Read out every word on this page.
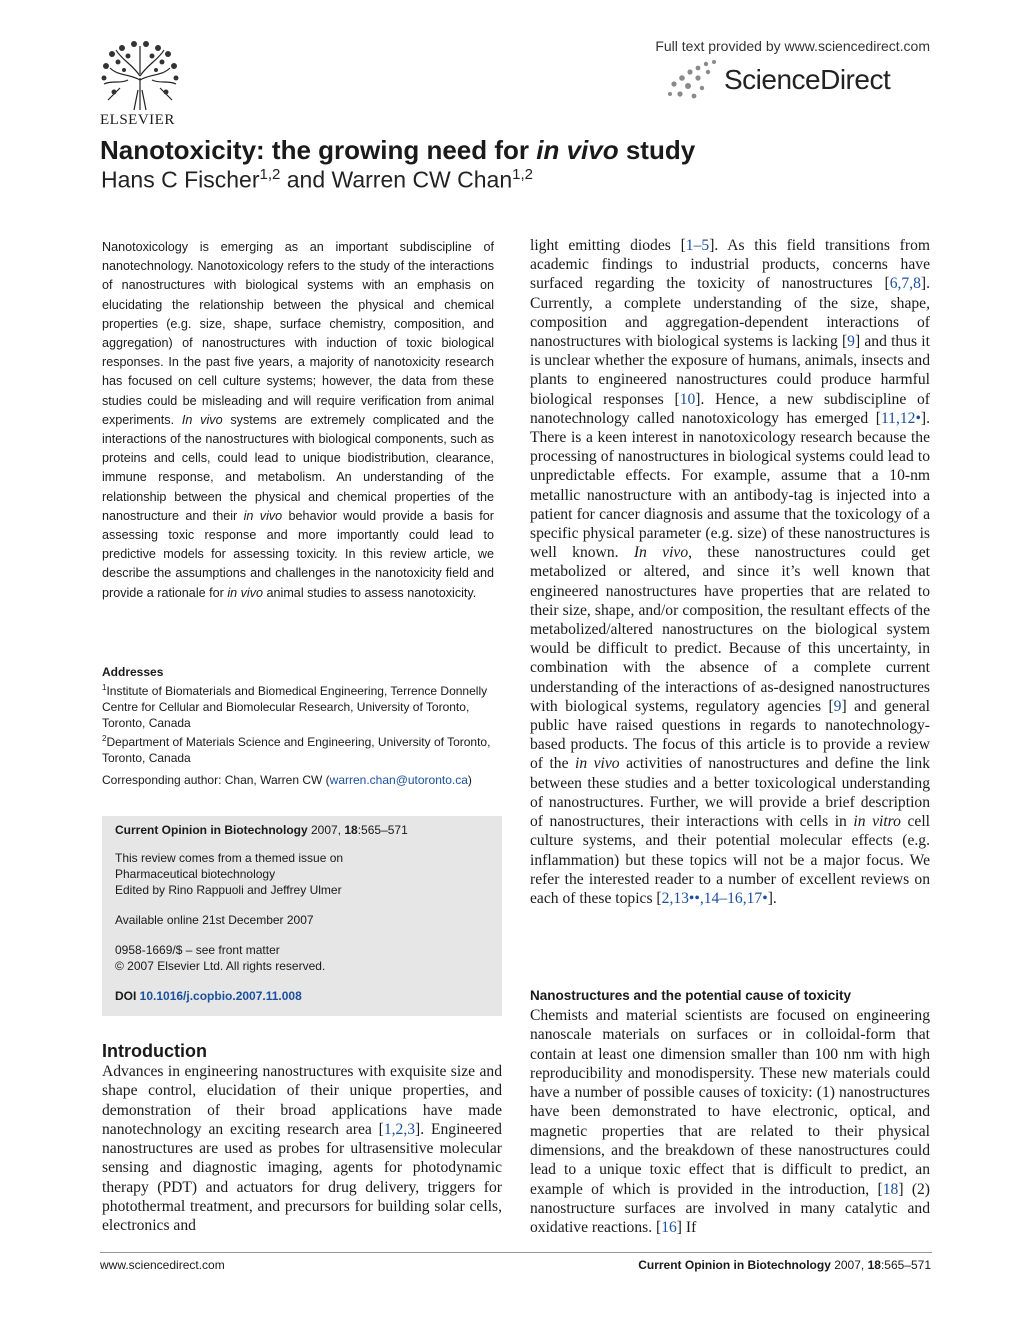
ELSEVIER
Full text provided by www.sciencedirect.com
ScienceDirect
Nanotoxicity: the growing need for in vivo study
Hans C Fischer$^{1,2}$ and Warren CW Chan$^{1,2}$
Nanotoxicology is emerging as an important subdiscipline of nanotechnology. Nanotoxicology refers to the study of the interactions of nanostructures with biological systems with an emphasis on elucidating the relationship between the physical and chemical properties (e.g. size, shape, surface chemistry, composition, and aggregation) of nanostructures with induction of toxic biological responses. In the past five years, a majority of nanotoxicity research has focused on cell culture systems; however, the data from these studies could be misleading and will require verification from animal experiments. In vivo systems are extremely complicated and the interactions of the nanostructures with biological components, such as proteins and cells, could lead to unique biodistribution, clearance, immune response, and metabolism. An understanding of the relationship between the physical and chemical properties of the nanostructure and their in vivo behavior would provide a basis for assessing toxic response and more importantly could lead to predictive models for assessing toxicity. In this review article, we describe the assumptions and challenges in the nanotoxicity field and provide a rationale for in vivo animal studies to assess nanotoxicity.
Addresses
$^1$Institute of Biomaterials and Biomedical Engineering, Terrence Donnelly Centre for Cellular and Biomolecular Research, University of Toronto, Toronto, Canada
$^2$Department of Materials Science and Engineering, University of Toronto, Toronto, Canada
Corresponding author: Chan, Warren CW (warren.chan@utoronto.ca)

Current Opinion in Biotechnology 2007, 18:565–571

This review comes from a themed issue on

Pharmaceutical biotechnology

Edited by Rino Rappuoli and Jeffrey Ulmer

Available online 21st December 2007

0958-1669/$ – see front matter

© 2007 Elsevier Ltd. All rights reserved.

DOI 10.1016/j.copbio.2007.11.008

Introduction
Advances in engineering nanostructures with exquisite size and shape control, elucidation of their unique properties, and demonstration of their broad applications have made nanotechnology an exciting research area [1,2,3]. Engineered nanostructures are used as probes for ultrasensitive molecular sensing and diagnostic imaging, agents for photodynamic therapy (PDT) and actuators for drug delivery, triggers for photothermal treatment, and precursors for building solar cells, electronics and
light emitting diodes [1–5]. As this field transitions from academic findings to industrial products, concerns have surfaced regarding the toxicity of nanostructures [6,7,8]. Currently, a complete understanding of the size, shape, composition and aggregation-dependent interactions of nanostructures with biological systems is lacking [9] and thus it is unclear whether the exposure of humans, animals, insects and plants to engineered nanostructures could produce harmful biological responses [10]. Hence, a new subdiscipline of nanotechnology called nanotoxicology has emerged [11,12•]. There is a keen interest in nanotoxicology research because the processing of nanostructures in biological systems could lead to unpredictable effects. For example, assume that a 10-nm metallic nanostructure with an antibody-tag is injected into a patient for cancer diagnosis and assume that the toxicology of a specific physical parameter (e.g. size) of these nanostructures is well known. In vivo, these nanostructures could get metabolized or altered, and since it’s well known that engineered nanostructures have properties that are related to their size, shape, and/or composition, the resultant effects of the metabolized/altered nanostructures on the biological system would be difficult to predict. Because of this uncertainty, in combination with the absence of a complete current understanding of the interactions of as-designed nanostructures with biological systems, regulatory agencies [9] and general public have raised questions in regards to nanotechnology-based products. The focus of this article is to provide a review of the in vivo activities of nanostructures and define the link between these studies and a better toxicological understanding of nanostructures. Further, we will provide a brief description of nanostructures, their interactions with cells in in vitro cell culture systems, and their potential molecular effects (e.g. inflammation) but these topics will not be a major focus. We refer the interested reader to a number of excellent reviews on each of these topics [2,13••,14–16,17•].
Nanostructures and the potential cause of toxicity
Chemists and material scientists are focused on engineering nanoscale materials on surfaces or in colloidal-form that contain at least one dimension smaller than 100 nm with high reproducibility and monodispersity. These new materials could have a number of possible causes of toxicity: (1) nanostructures have been demonstrated to have electronic, optical, and magnetic properties that are related to their physical dimensions, and the breakdown of these nanostructures could lead to a unique toxic effect that is difficult to predict, an example of which is provided in the introduction, [18] (2) nanostructure surfaces are involved in many catalytic and oxidative reactions. [16] If
www.sciencedirect.com	Current Opinion in Biotechnology 2007, 18:565–571
